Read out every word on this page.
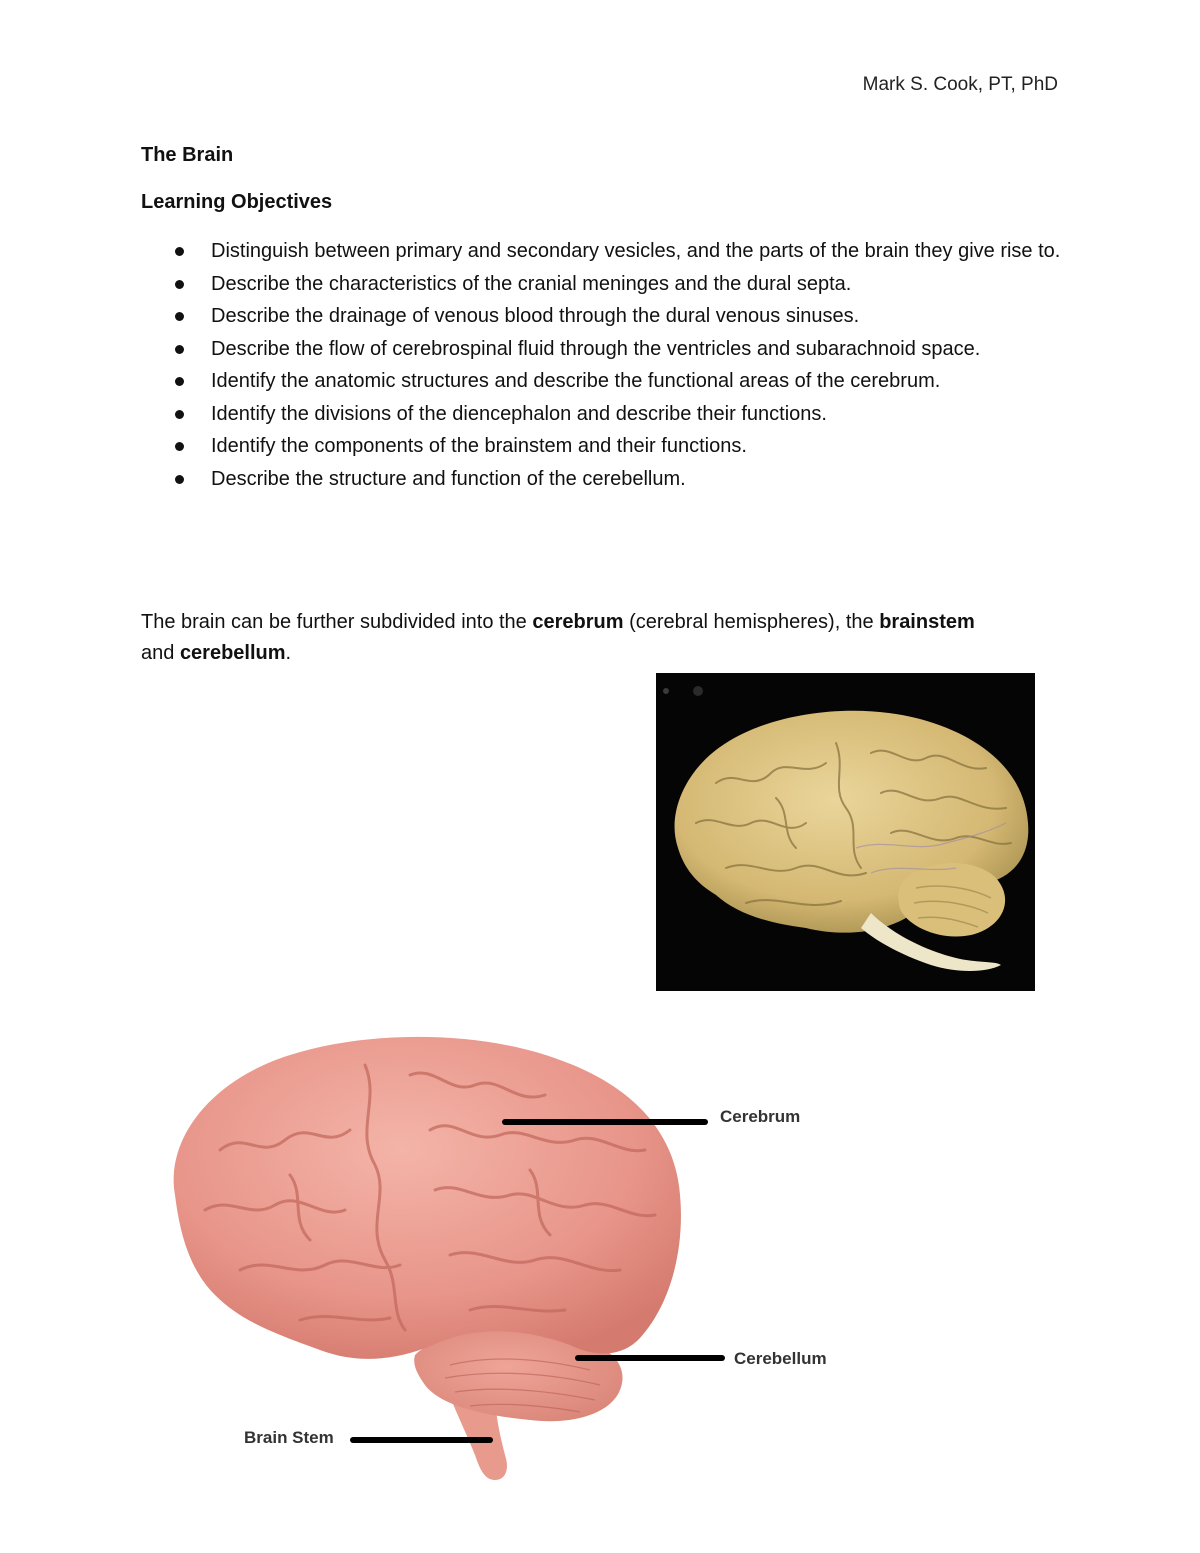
Mark S. Cook, PT, PhD
The Brain
Learning Objectives
Distinguish between primary and secondary vesicles, and the parts of the brain they give rise to.
Describe the characteristics of the cranial meninges and the dural septa.
Describe the drainage of venous blood through the dural venous sinuses.
Describe the flow of cerebrospinal fluid through the ventricles and subarachnoid space.
Identify the anatomic structures and describe the functional areas of the cerebrum.
Identify the divisions of the diencephalon and describe their functions.
Identify the components of the brainstem and their functions.
Describe the structure and function of the cerebellum.

The brain can be further subdivided into the cerebrum (cerebral hemispheres), the brainstem
and cerebellum.

Cerebrum
Cerebellum
Brain Stem
